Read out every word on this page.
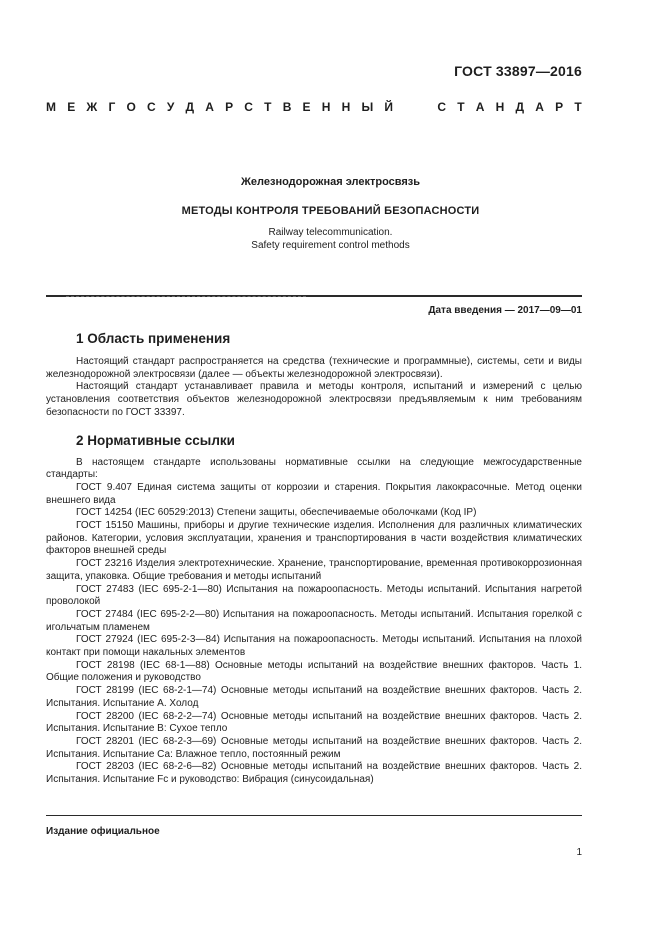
ГОСТ 33897—2016
М Е Ж Г О С У Д А Р С Т В Е Н Н Ы Й	С Т А Н Д А Р Т
Железнодорожная электросвязь
МЕТОДЫ КОНТРОЛЯ ТРЕБОВАНИЙ БЕЗОПАСНОСТИ
Railway telecommunication.
Safety requirement control methods
Дата введения — 2017—09—01
1 Область применения

Настоящий стандарт распространяется на средства (технические и программные), системы, сети и виды железнодорожной электросвязи (далее — объекты железнодорожной электросвязи).

Настоящий стандарт устанавливает правила и методы контроля, испытаний и измерений с целью установления соответствия объектов железнодорожной электросвязи предъявляемым к ним требованиям безопасности по ГОСТ 33397.

2 Нормативные ссылки

В настоящем стандарте использованы нормативные ссылки на следующие межгосударственные стандарты:

ГОСТ 9.407 Единая система защиты от коррозии и старения. Покрытия лакокрасочные. Метод оценки внешнего вида

ГОСТ 14254 (IEC 60529:2013) Степени защиты, обеспечиваемые оболочками (Код IP)

ГОСТ 15150 Машины, приборы и другие технические изделия. Исполнения для различных климатических районов. Категории, условия эксплуатации, хранения и транспортирования в части воздействия климатических факторов внешней среды

ГОСТ 23216 Изделия электротехнические. Хранение, транспортирование, временная противокоррозионная защита, упаковка. Общие требования и методы испытаний

ГОСТ 27483 (IEC 695-2-1—80) Испытания на пожароопасность. Методы испытаний. Испытания нагретой проволокой

ГОСТ 27484 (IEC 695-2-2—80) Испытания на пожароопасность. Методы испытаний. Испытания горелкой с игольчатым пламенем

ГОСТ 27924 (IEC 695-2-3—84) Испытания на пожароопасность. Методы испытаний. Испытания на плохой контакт при помощи накальных элементов

ГОСТ 28198 (IEC 68-1—88) Основные методы испытаний на воздействие внешних факторов. Часть 1. Общие положения и руководство

ГОСТ 28199 (IEC 68-2-1—74) Основные методы испытаний на воздействие внешних факторов. Часть 2. Испытания. Испытание А. Холод

ГОСТ 28200 (IEC 68-2-2—74) Основные методы испытаний на воздействие внешних факторов. Часть 2. Испытания. Испытание В: Сухое тепло

ГОСТ 28201 (IEC 68-2-3—69) Основные методы испытаний на воздействие внешних факторов. Часть 2. Испытания. Испытание Са: Влажное тепло, постоянный режим

ГОСТ 28203 (IEC 68-2-6—82) Основные методы испытаний на воздействие внешних факторов. Часть 2. Испытания. Испытание Fc и руководство: Вибрация (синусоидальная)

Издание официальное
1
